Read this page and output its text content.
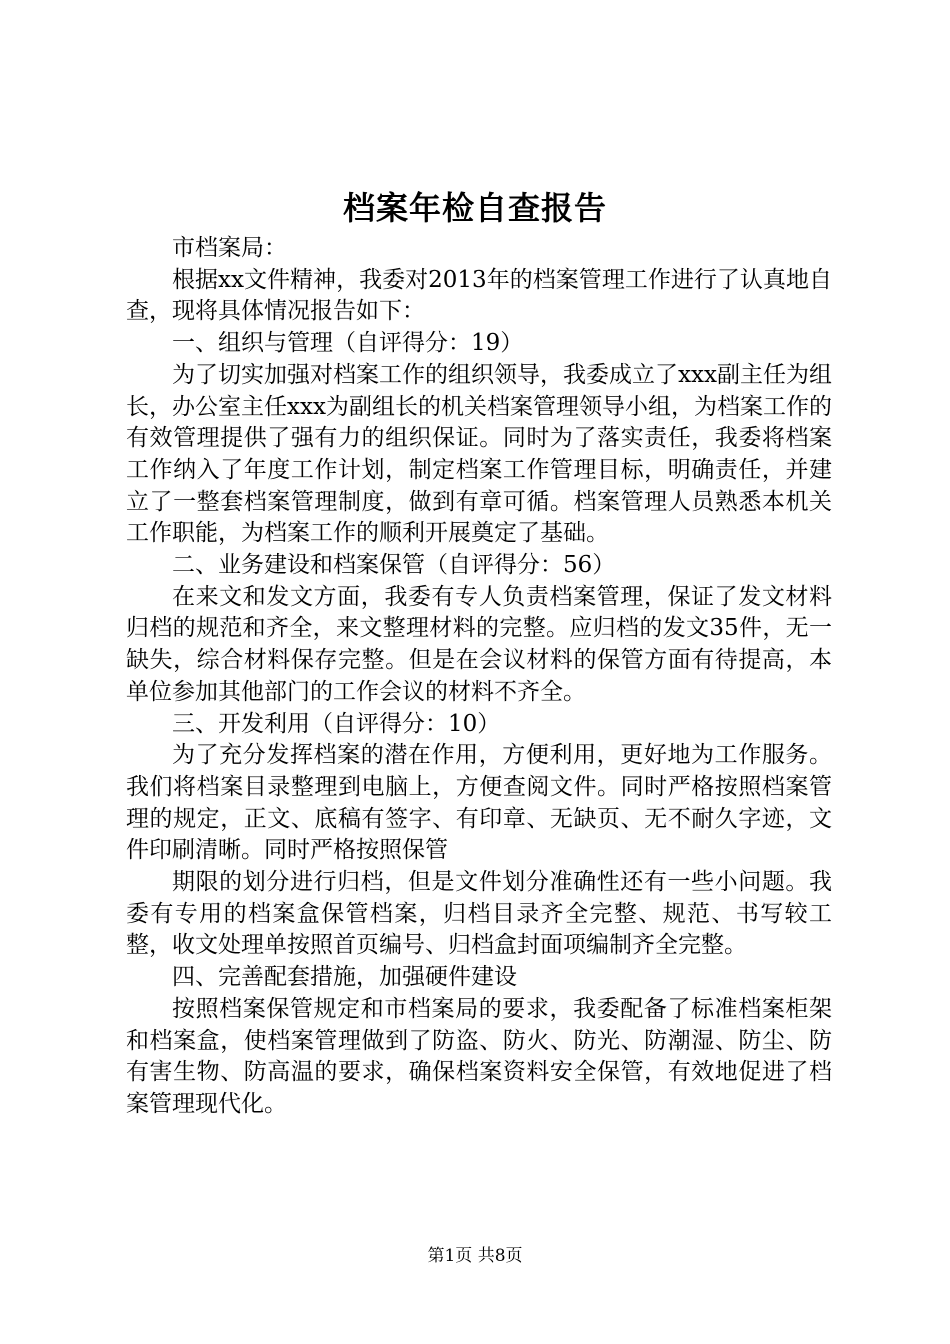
档案年检自查报告

市档案局：

根据xx文件精神，我委对2013年的档案管理工作进行了认真地自查，现将具体情况报告如下：

一、组织与管理（自评得分：19）

为了切实加强对档案工作的组织领导，我委成立了xxx副主任为组长，办公室主任xxx为副组长的机关档案管理领导小组，为档案工作的有效管理提供了强有力的组织保证。同时为了落实责任，我委将档案工作纳入了年度工作计划，制定档案工作管理目标，明确责任，并建立了一整套档案管理制度，做到有章可循。档案管理人员熟悉本机关工作职能，为档案工作的顺利开展奠定了基础。

二、业务建设和档案保管（自评得分：56）

在来文和发文方面，我委有专人负责档案管理，保证了发文材料归档的规范和齐全，来文整理材料的完整。应归档的发文35件，无一缺失，综合材料保存完整。但是在会议材料的保管方面有待提高，本单位参加其他部门的工作会议的材料不齐全。

三、开发利用（自评得分：10）

为了充分发挥档案的潜在作用，方便利用，更好地为工作服务。我们将档案目录整理到电脑上，方便查阅文件。同时严格按照档案管理的规定，正文、底稿有签字、有印章、无缺页、无不耐久字迹，文件印刷清晰。同时严格按照保管

期限的划分进行归档，但是文件划分准确性还有一些小问题。我委有专用的档案盒保管档案，归档目录齐全完整、规范、书写较工整，收文处理单按照首页编号、归档盒封面项编制齐全完整。

四、完善配套措施，加强硬件建设

按照档案保管规定和市档案局的要求，我委配备了标准档案柜架和档案盒，使档案管理做到了防盗、防火、防光、防潮湿、防尘、防有害生物、防高温的要求，确保档案资料安全保管，有效地促进了档案管理现代化。

第1页 共8页
